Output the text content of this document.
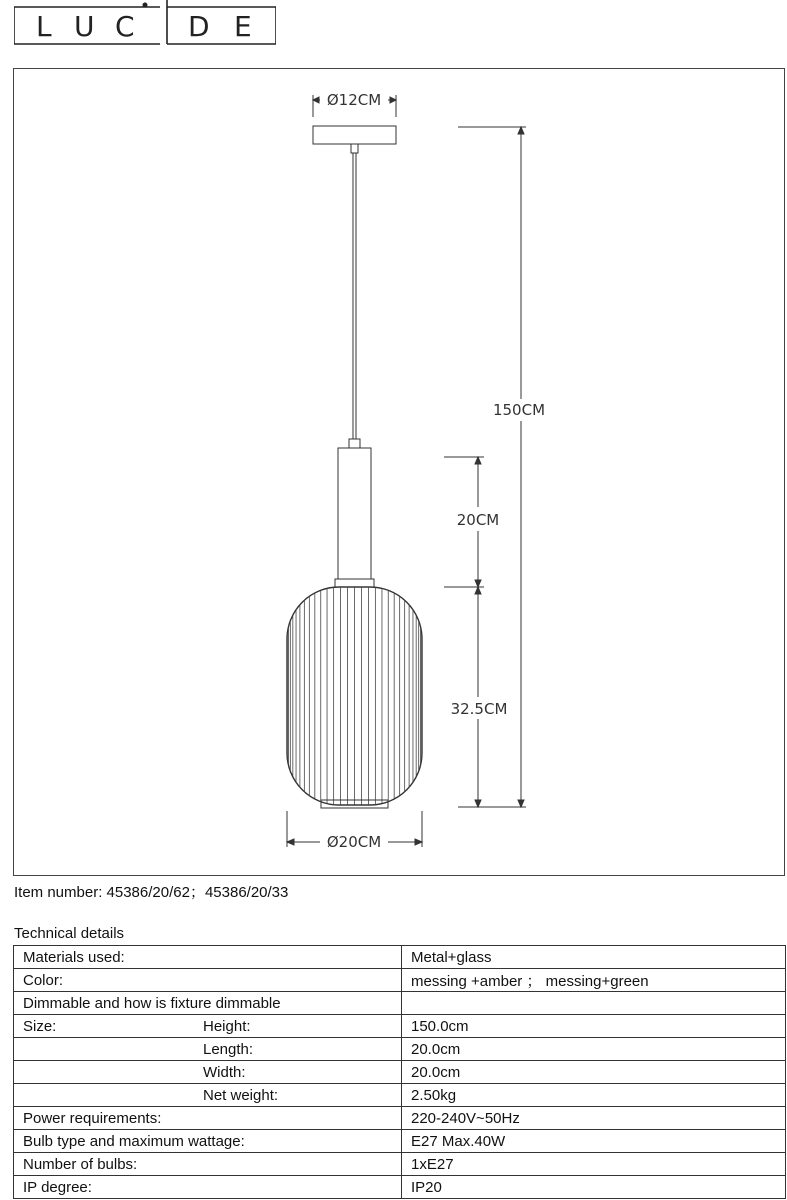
L U C D E
Ø12CM
150CM
20CM
32.5CM
Ø20CM
Item number: 45386/20/62；45386/20/33
Technical details
Materials used:	Metal+glass
Color:	messing +amber ； messing+green
Dimmable and how is fixture dimmable	
Size: Height:	150.0cm
Length:	20.0cm
Width:	20.0cm
Net weight:	2.50kg
Power requirements:	220-240V~50Hz
Bulb type and maximum wattage:	E27 Max.40W
Number of bulbs:	1xE27
IP degree:	IP20
